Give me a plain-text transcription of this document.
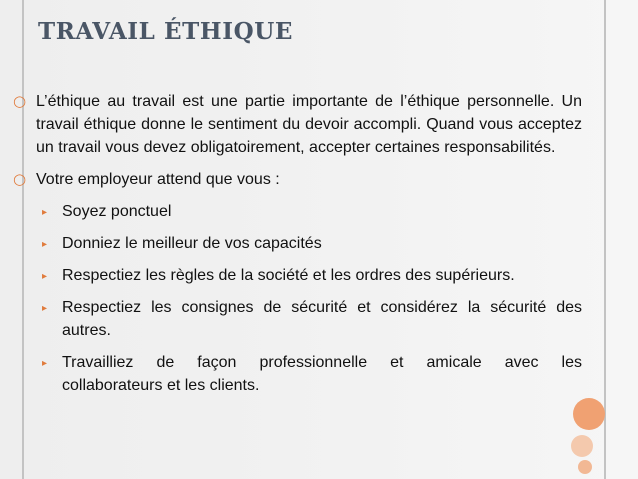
TRAVAIL ÉTHIQUE
○ L’éthique au travail est une partie importante de l’éthique personnelle. Un travail éthique donne le sentiment du devoir accompli. Quand vous acceptez un travail vous devez obligatoirement, accepter certaines responsabilités.
○ Votre employeur attend que vous :
▸ Soyez ponctuel
▸ Donniez le meilleur de vos capacités
▸ Respectiez les règles de la société et les ordres des supérieurs.
▸ Respectiez les consignes de sécurité et considérez la sécurité des autres.
▸ Travailliez de façon professionnelle et amicale avec les
collaborateurs et les clients.
